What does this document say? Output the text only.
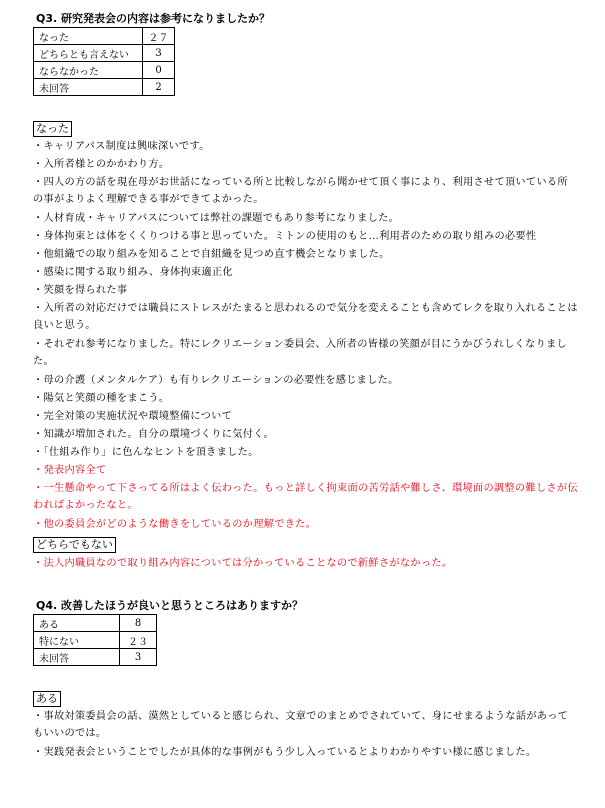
Q3. 研究発表会の内容は参考になりましたか？
なった	２７
どちらとも言えない	3
ならなかった	0
未回答	2
なった
・キャリアパス制度は興味深いです。
・入所者様とのかかわり方。
・四人の方の話を現在母がお世話になっている所と比較しながら聞かせて頂く事により、利用させて頂いている所の事がよりよく理解できる事ができてよかった。
・人材育成・キャリアパスについては弊社の課題でもあり参考になりました。
・身体拘束とは体をくくりつける事と思っていた。ミトンの使用のもと…利用者のための取り組みの必要性
・他組織での取り組みを知ることで自組織を見つめ直す機会となりました。
・感染に関する取り組み、身体拘束適正化
・笑顔を得られた事
・入所者の対応だけでは職員にストレスがたまると思われるので気分を変えることも含めてレクを取り入れることは良いと思う。
・それぞれ参考になりました。特にレクリエーション委員会、入所者の皆様の笑顔が目にうかびうれしくなりました。
・母の介護（メンタルケア）も有りレクリエーションの必要性を感じました。
・陽気と笑顔の種をまこう。
・完全対策の実施状況や環境整備について
・知識が増加された。自分の環境づくりに気付く。
・「仕組み作り」に色んなヒントを頂きました。
・発表内容全て
・一生懸命やって下さってる所はよく伝わった。もっと詳しく拘束面の苦労話や難しさ、環境面の調整の難しさが伝わればよかったなと。
・他の委員会がどのような働きをしているのか理解できた。
どちらでもない
・法人内職員なので取り組み内容については分かっていることなので新鮮さがなかった。
Q4. 改善したほうが良いと思うところはありますか？
ある	8
特にない	２３
未回答	3
ある
・事故対策委員会の話、漠然としていると感じられ、文章でのまとめでされていて、身にせまるような話があってもいいのでは。
・実践発表会ということでしたが具体的な事例がもう少し入っているとよりわかりやすい様に感じました。
